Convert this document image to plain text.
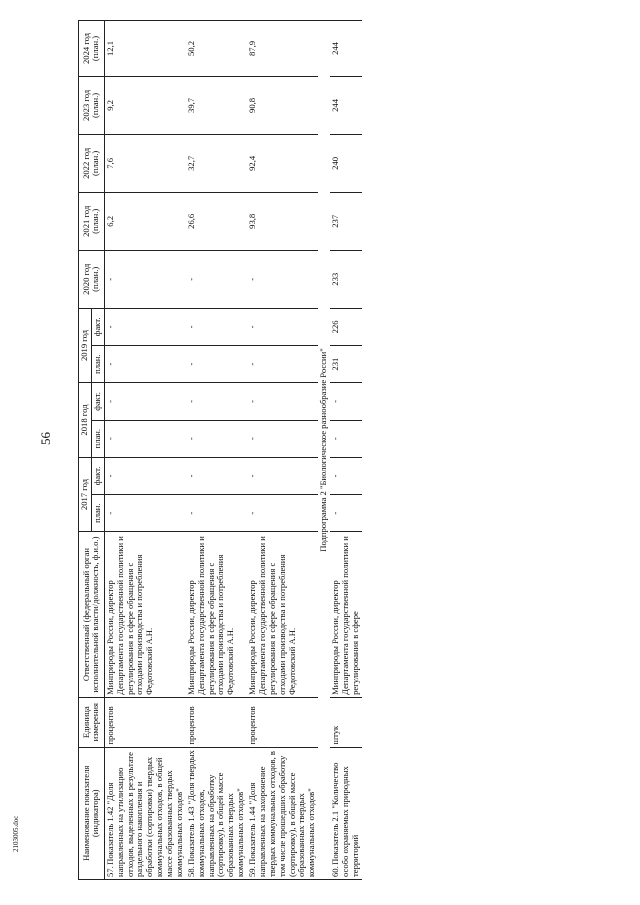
56
2103005.doc	Наименование показателя (индикатора)	Единица измерения	Ответственный (федеральный орган исполнительной власти/должность, ф.и.о.)	2017 год		2018 год		2019 год		2020 год (план.)	2021 год (план.)	2022 год (план.)	2023 год (план.)	2024 год (план.)
			план.	факт.	план.	факт.	план.	факт.					
57. Показатель 1.42 "Доля направленных на утилизацию отходов, выделенных в результате раздельного накопления и обработки (сортировки) твердых коммунальных отходов, в общей массе образованных твердых коммунальных отходов"	процентов	Минприроды России, директор Департамента государственной политики и регулирования в сфере обращения с отходами производства и потребления Федотовский А.Н.	-	-	-	-	-	-	-	6,2	7,6	9,2	12,1
58. Показатель 1.43 "Доля твердых коммунальных отходов, направленных на обработку (сортировку), в общей массе образованных твердых коммунальных отходов"	процентов	Минприроды России, директор Департамента государственной политики и регулирования в сфере обращения с отходами производства и потребления Федотовский А.Н.	-	-	-	-	-	-	-	26,6	32,7	39,7	50,2
59. Показатель 1.44 "Доля направленных на захоронение твердых коммунальных отходов, в том числе прошедших обработку (сортировку), в общей массе образованных твердых коммунальных отходов"	процентов	Минприроды России, директор Департамента государственной политики и регулирования в сфере обращения с отходами производства и потребления Федотовский А.Н.	-	-	-	-	-	-	-	93,8	92,4	90,8	87,9
Подпрограмма 2 "Биологическое разнообразие России"													
60. Показатель 2.1 "Количество особо охраняемых природных территорий	штук	Минприроды России, директор Департамента государственной политики и регулирования в сфере	-	-	-	-	231	226	233	237	240	244	244
